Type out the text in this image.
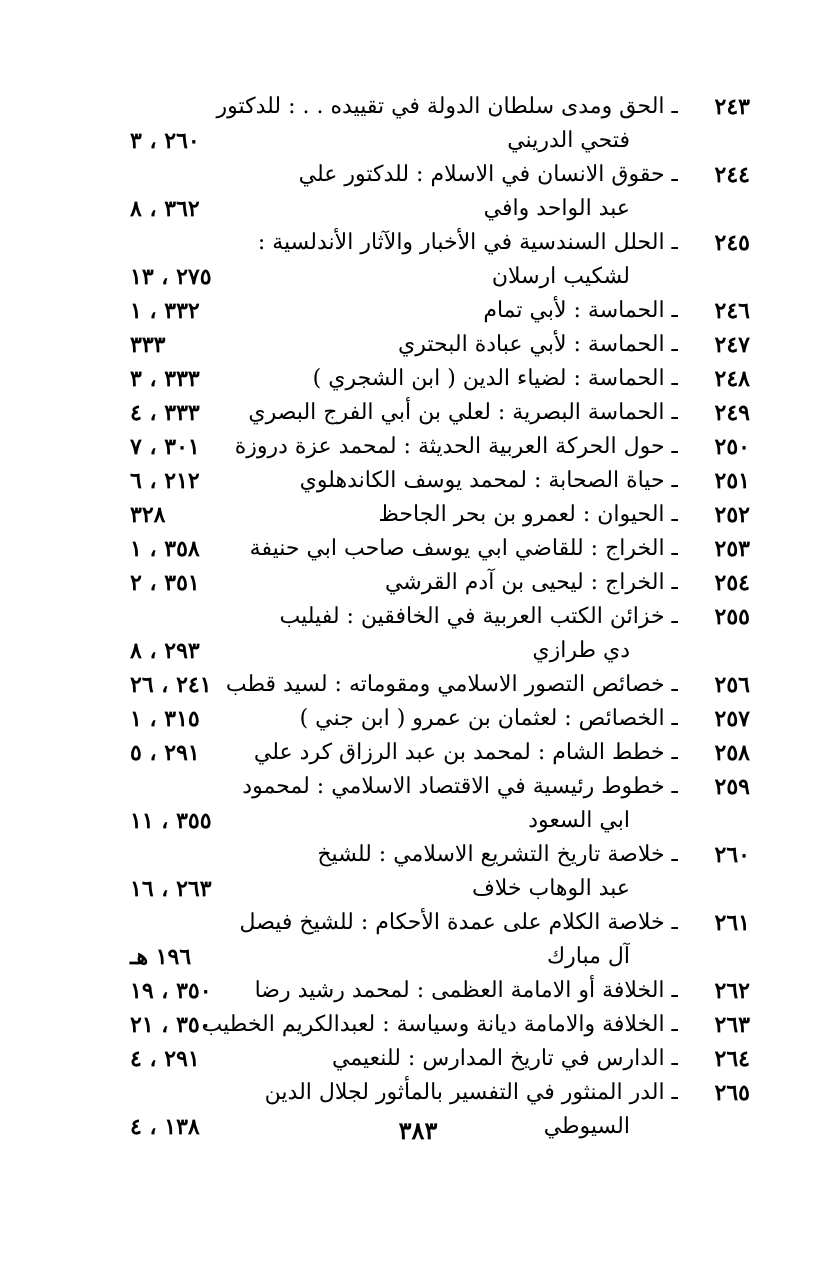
٢٤٣
ـ الحق ومدى سلطان الدولة في تقييده . . : للدكتور
فتحي الدريني
٢٦٠ ، ٣
٢٤٤
ـ حقوق الانسان في الاسلام : للدكتور علي
عبد الواحد وافي
٣٦٢ ، ٨
٢٤٥
ـ الحلل السندسية في الأخبار والآثار الأندلسية :
لشكيب ارسلان
٢٧٥ ، ١٣
٢٤٦
ـ الحماسة : لأبي تمام
٣٣٢ ، ١
٢٤٧
ـ الحماسة : لأبي عبادة البحتري
٣٣٣
٢٤٨
ـ الحماسة : لضياء الدين ( ابن الشجري )
٣٣٣ ، ٣
٢٤٩
ـ الحماسة البصرية : لعلي بن أبي الفرج البصري
٣٣٣ ، ٤
٢٥٠
ـ حول الحركة العربية الحديثة : لمحمد عزة دروزة
٣٠١ ، ٧
٢٥١
ـ حياة الصحابة : لمحمد يوسف الكاندهلوي
٢١٢ ، ٦
٢٥٢
ـ الحيوان : لعمرو بن بحر الجاحظ
٣٢٨
٢٥٣
ـ الخراج : للقاضي ابي يوسف صاحب ابي حنيفة
٣٥٨ ، ١
٢٥٤
ـ الخراج : ليحيى بن آدم القرشي
٣٥١ ، ٢
٢٥٥
ـ خزائن الكتب العربية في الخافقين : لفيليب
دي طرازي
٢٩٣ ، ٨
٢٥٦
ـ خصائص التصور الاسلامي ومقوماته : لسيد قطب
٢٤١ ، ٢٦
٢٥٧
ـ الخصائص : لعثمان بن عمرو ( ابن جني )
٣١٥ ، ١
٢٥٨
ـ خطط الشام : لمحمد بن عبد الرزاق كرد علي
٢٩١ ، ٥
٢٥٩
ـ خطوط رئيسية في الاقتصاد الاسلامي : لمحمود
ابي السعود
٣٥٥ ، ١١
٢٦٠
ـ خلاصة تاريخ التشريع الاسلامي : للشيخ
عبد الوهاب خلاف
٢٦٣ ، ١٦
٢٦١
ـ خلاصة الكلام على عمدة الأحكام : للشيخ فيصل
آل مبارك
١٩٦ هـ
٢٦٢
ـ الخلافة أو الامامة العظمى : لمحمد رشيد رضا
٣٥٠ ، ١٩
٢٦٣
ـ الخلافة والامامة ديانة وسياسة : لعبدالكريم الخطيب
٣٥٠ ، ٢١
٢٦٤
ـ الدارس في تاريخ المدارس : للنعيمي
٢٩١ ، ٤
٢٦٥
ـ الدر المنثور في التفسير بالمأثور لجلال الدين
السيوطي
١٣٨ ، ٤	٣٨٣
